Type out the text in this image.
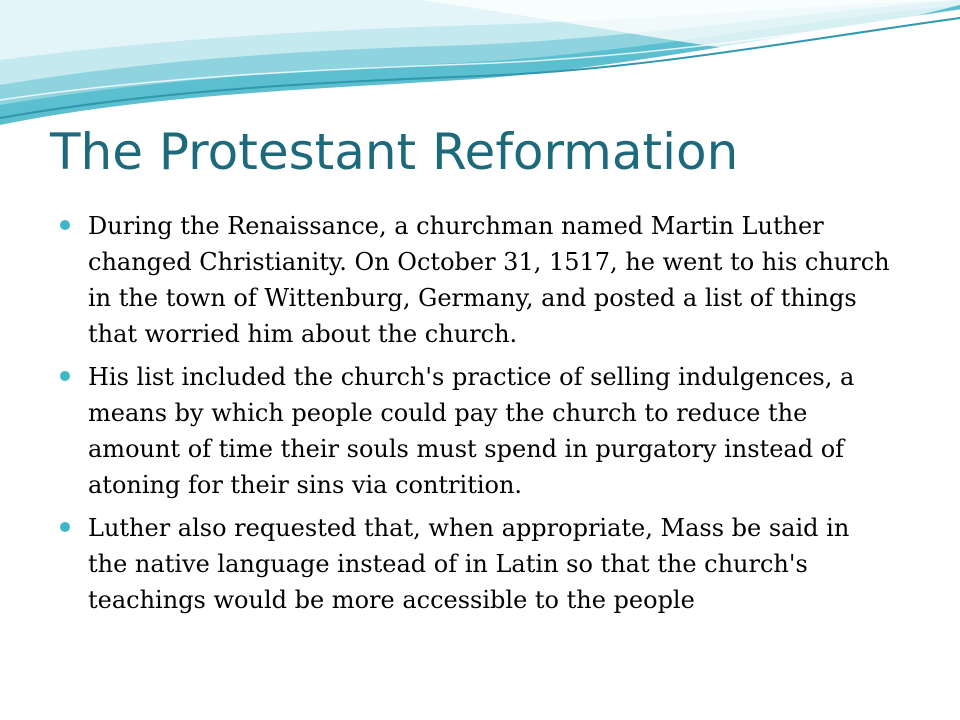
The Protestant Reformation
During the Renaissance, a churchman named Martin Luther changed Christianity. On October 31, 1517, he went to his church in the town of Wittenburg, Germany, and posted a list of things that worried him about the church.
His list included the church's practice of selling indulgences, a means by which people could pay the church to reduce the amount of time their souls must spend in purgatory instead of atoning for their sins via contrition.
Luther also requested that, when appropriate, Mass be said in the native language instead of in Latin so that the church's teachings would be more accessible to the people
